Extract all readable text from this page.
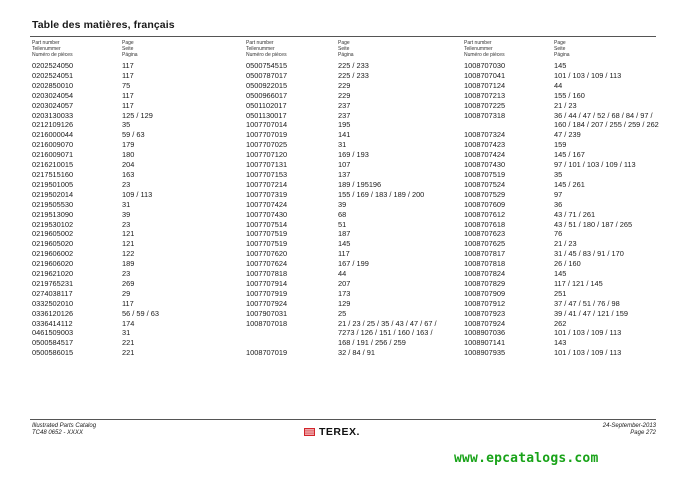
Table des matières, français
Part number
Teilenummer
Numéro de pièces
Page
Seite
Página
0202524050	117
0202524051	117
0202850010	75
0203024054	117
0203024057	117
0203130033	125 / 129
0212109126	35
0216000044	59 / 63
0216009070	179
0216009071	180
0216210015	204
0217515160	163
0219501005	23
0219502014	109 / 113
0219505530	31
0219513090	39
0219530102	23
0219605002	121
0219605020	121
0219606002	122
0219606020	189
0219621020	23
0219765231	269
0274038117	29
0332502010	117
0336120126	56 / 59 / 63
0336414112	174
0461509003	31
0500584517	221
0500586015	221
Part number
Teilenummer
Numéro de pièces
Page
Seite
Página
0500754515	225 / 233
0500787017	225 / 233
0500922015	229
0500966017	229
0501102017	237
0501130017	237
1007707014	195
1007707019	141
1007707025	31
1007707120	169 / 193
1007707131	107
1007707153	137
1007707214	189 / 195196
1007707319	155 / 169 / 183 / 189 / 200
1007707424	39
1007707430	68
1007707514	51
1007707519	187
1007707519	145
1007707620	117
1007707624	167 / 199
1007707818	44
1007707914	207
1007707919	173
1007707924	129
1007907031	25
1008707018	21 / 23 / 25 / 35 / 43 / 47 / 67 / 7273 / 126 / 151 / 160 / 163 / 168 / 191 / 256 / 259
1008707019	32 / 84 / 91
Part number
Teilenummer
Numéro de pièces
Page
Seite
Página
1008707030	145
1008707041	101 / 103 / 109 / 113
1008707124	44
1008707213	155 / 160
1008707225	21 / 23
1008707318	36 / 44 / 47 / 52 / 68 / 84 / 97 / 160 / 184 / 207 / 255 / 259 / 262
1008707324	47 / 239
1008707423	159
1008707424	145 / 167
1008707430	97 / 101 / 103 / 109 / 113
1008707519	35
1008707524	145 / 261
1008707529	97
1008707609	36
1008707612	43 / 71 / 261
1008707618	43 / 51 / 180 / 187 / 265
1008707623	76
1008707625	21 / 23
1008707817	31 / 45 / 83 / 91 / 170
1008707818	26 / 160
1008707824	145
1008707829	117 / 121 / 145
1008707909	251
1008707912	37 / 47 / 51 / 76 / 98
1008707923	39 / 41 / 47 / 121 / 159
1008707924	262
1008907036	101 / 103 / 109 / 113
1008907141	143
1008907935	101 / 103 / 109 / 113
Illustrated Parts Catalog
TC48 0652 - XXXX	TEREX.	24-September-2013
Page 272
www.epcatalogs.com
